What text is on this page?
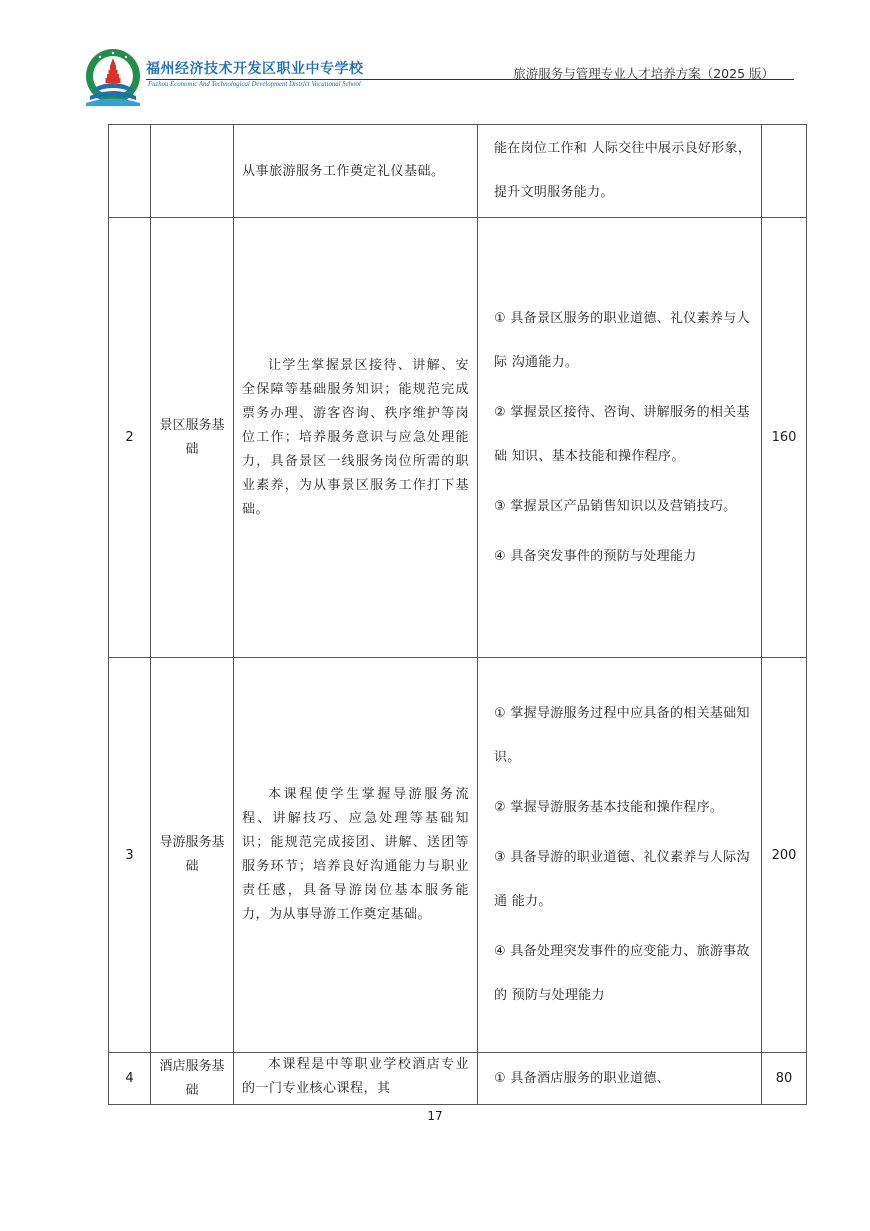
福州经济技术开发区职业中专学校
Fuzhou Economic And Technological Development District Vocational School
旅游服务与管理专业人才培养方案（2025 版）

		从事旅游服务工作奠定礼仪基础。	能在岗位工作和 人际交往中展示良好形象， 提升文明服务能力。	

2	景区服务基础	让学生掌握景区接待、讲解、安全保障等基础服务知识；能规范完成票务办理、游客咨询、秩序维护等岗位工作；培养服务意识与应急处理能力，具备景区一线服务岗位所需的职业素养，为从事景区服务工作打下基础。	① 具备景区服务的职业道德、礼仪素养与人际 沟通能力。

② 掌握景区接待、咨询、讲解服务的相关基础 知识、基本技能和操作程序。

③ 掌握景区产品销售知识以及营销技巧。

④ 具备突发事件的预防与处理能力	160
3	导游服务基础	本课程使学生掌握导游服务流程、讲解技巧、应急处理等基础知识；能规范完成接团、讲解、送团等服务环节；培养良好沟通能力与职业责任感，具备导游岗位基本服务能力，为从事导游工作奠定基础。	① 掌握导游服务过程中应具备的相关基础知识。

② 掌握导游服务基本技能和操作程序。

③ 具备导游的职业道德、礼仪素养与人际沟通 能力。

④ 具备处理突发事件的应变能力、旅游事故的 预防与处理能力	200
4	酒店服务基础	本课程是中等职业学校酒店专业的一门专业核心课程，其	① 具备酒店服务的职业道德、	80
17
